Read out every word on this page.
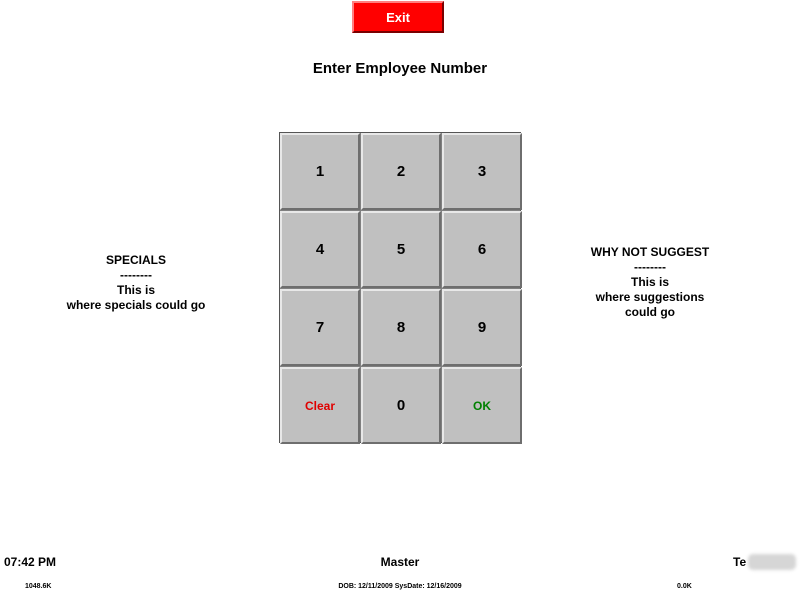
Exit
Enter Employee Number
1	2	3
4	5	6
7	8	9
Clear	0	OK
SPECIALS
--------
This is
where specials could go
WHY NOT SUGGEST
--------
This is
where suggestions
could go
07:42 PM	Master	Te
1048.6K	DOB: 12/11/2009 SysDate: 12/16/2009	0.0K
